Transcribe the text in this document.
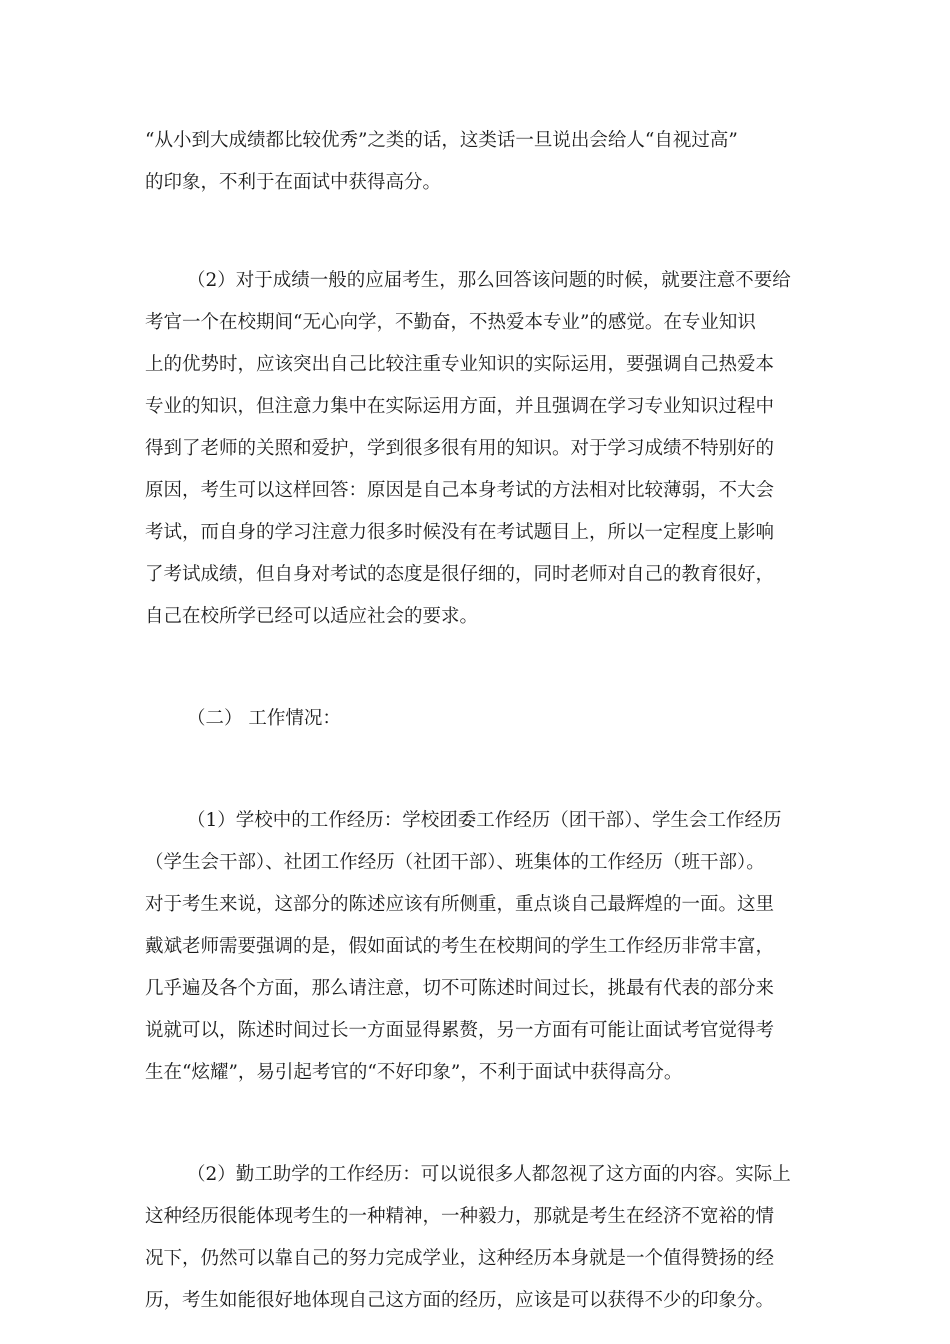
“从小到大成绩都比较优秀”之类的话，这类话一旦说出会给人“自视过高”
的印象，不利于在面试中获得高分。
（2）对于成绩一般的应届考生，那么回答该问题的时候，就要注意不要给
考官一个在校期间“无心向学，不勤奋，不热爱本专业”的感觉。在专业知识
上的优势时，应该突出自己比较注重专业知识的实际运用，要强调自己热爱本
专业的知识，但注意力集中在实际运用方面，并且强调在学习专业知识过程中
得到了老师的关照和爱护，学到很多很有用的知识。对于学习成绩不特别好的
原因，考生可以这样回答：原因是自己本身考试的方法相对比较薄弱，不大会
考试，而自身的学习注意力很多时候没有在考试题目上，所以一定程度上影响
了考试成绩，但自身对考试的态度是很仔细的，同时老师对自己的教育很好，
自己在校所学已经可以适应社会的要求。
（二） 工作情况：
（1）学校中的工作经历：学校团委工作经历（团干部）、学生会工作经历
（学生会干部）、社团工作经历（社团干部）、班集体的工作经历（班干部）。
对于考生来说，这部分的陈述应该有所侧重，重点谈自己最辉煌的一面。这里
戴斌老师需要强调的是，假如面试的考生在校期间的学生工作经历非常丰富，
几乎遍及各个方面，那么请注意，切不可陈述时间过长，挑最有代表的部分来
说就可以，陈述时间过长一方面显得累赘，另一方面有可能让面试考官觉得考
生在“炫耀”，易引起考官的“不好印象”，不利于面试中获得高分。
（2）勤工助学的工作经历：可以说很多人都忽视了这方面的内容。实际上
这种经历很能体现考生的一种精神，一种毅力，那就是考生在经济不宽裕的情
况下，仍然可以靠自己的努力完成学业，这种经历本身就是一个值得赞扬的经
历，考生如能很好地体现自己这方面的经历，应该是可以获得不少的印象分。
